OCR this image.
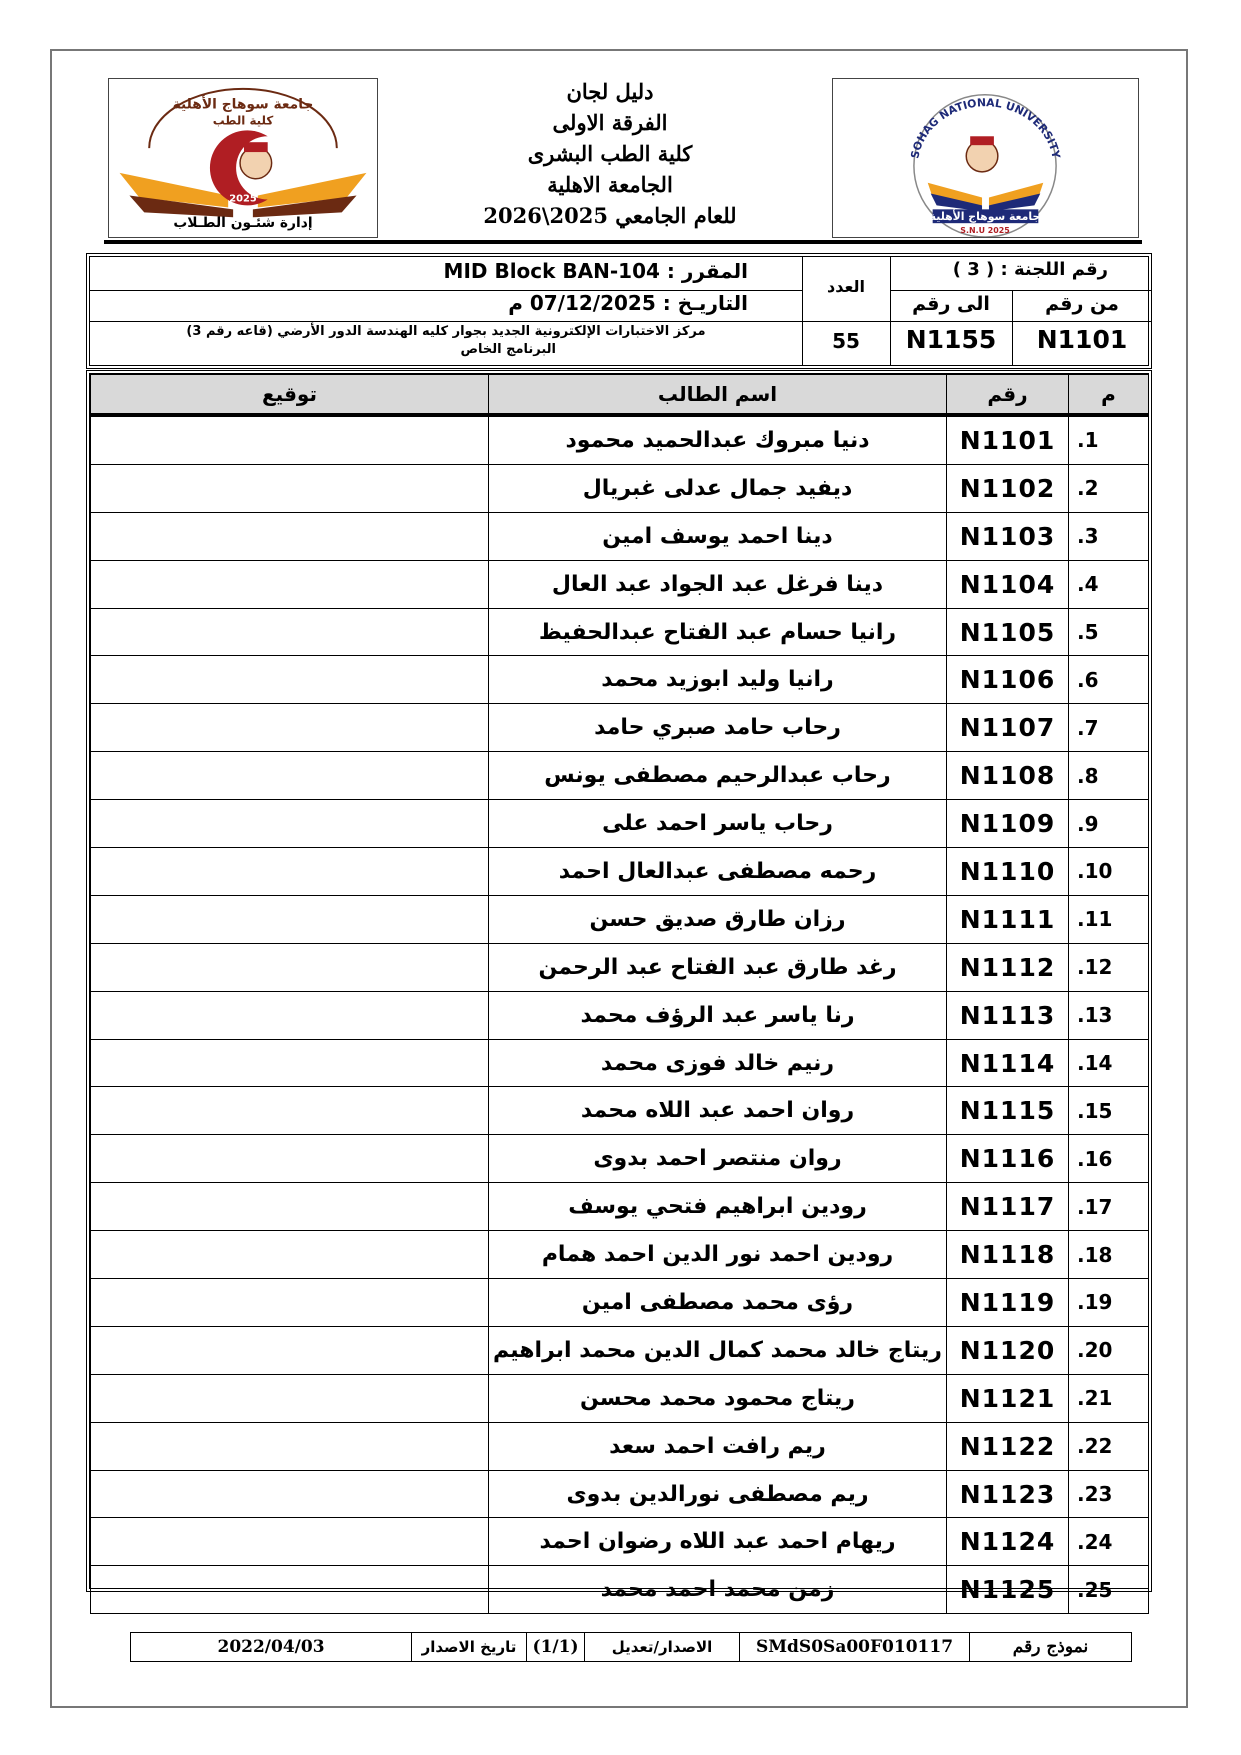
جامعة سوهاج الأهلية
كلية الطب
2025
إدارة شئـون الطـلاب
SOHAG NATIONAL UNIVERSITY
جامعة سوهاج الأهلية
S.N.U 2025
دليل لجان
الفرقة الاولى
كلية الطب البشرى
الجامعة الاهلية
للعام الجامعي 2025\2026
المقرر : MID Block BAN-104
التاريـخ : 07/12/2025 م
مركز الاختبارات الإلكترونية الجديد بجوار كليه الهندسة الدور الأرضي (قاعه رقم 3)
البرنامج الخاص
العدد
55
رقم اللجنة : ( 3 )
الى رقم	من رقم
N1155	N1101
م	رقم	اسم الطالب	توقيع
1.	N1101	دنيا مبروك عبدالحميد محمود	
2.	N1102	ديفيد جمال عدلى غبريال	
3.	N1103	دينا احمد يوسف امين	
4.	N1104	دينا فرغل عبد الجواد عبد العال	
5.	N1105	رانيا حسام عبد الفتاح عبدالحفيظ	
6.	N1106	رانيا وليد ابوزيد محمد	
7.	N1107	رحاب حامد صبري حامد	
8.	N1108	رحاب عبدالرحيم مصطفى يونس	
9.	N1109	رحاب ياسر احمد على	
10.	N1110	رحمه مصطفى عبدالعال احمد	
11.	N1111	رزان طارق صديق حسن	
12.	N1112	رغد طارق عبد الفتاح عبد الرحمن	
13.	N1113	رنا ياسر عبد الرؤف محمد	
14.	N1114	رنيم خالد فوزى محمد	
15.	N1115	روان احمد عبد اللاه محمد	
16.	N1116	روان منتصر احمد بدوى	
17.	N1117	رودين ابراهيم فتحي يوسف	
18.	N1118	رودين احمد نور الدين احمد همام	
19.	N1119	رؤى محمد مصطفى امين	
20.	N1120	ريتاج خالد محمد كمال الدين محمد ابراهيم	
21.	N1121	ريتاج محمود محمد محسن	
22.	N1122	ريم رافت احمد سعد	
23.	N1123	ريم مصطفى نورالدين بدوى	
24.	N1124	ريهام احمد عبد اللاه رضوان احمد	
25.	N1125	زمن محمد احمد محمد	
نموذج رقم
SMdS0Sa00F010117
الاصدار/تعديل
(1/1)
تاريخ الاصدار
2022/04/03
